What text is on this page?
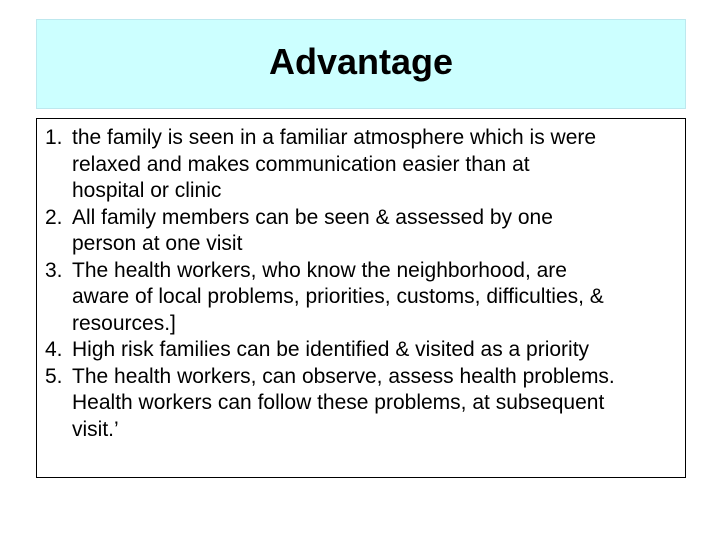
Advantage
1. the family is seen in a familiar atmosphere which is were
relaxed and makes communication easier than at
hospital or clinic
2. All family members can be seen & assessed by one
person at one visit
3. The health workers, who know the neighborhood, are
aware of local problems, priorities, customs, difficulties, &
resources.]
4. High risk families can be identified & visited as a priority
5. The health workers, can observe, assess health problems.
Health workers can follow these problems, at subsequent
visit.’
